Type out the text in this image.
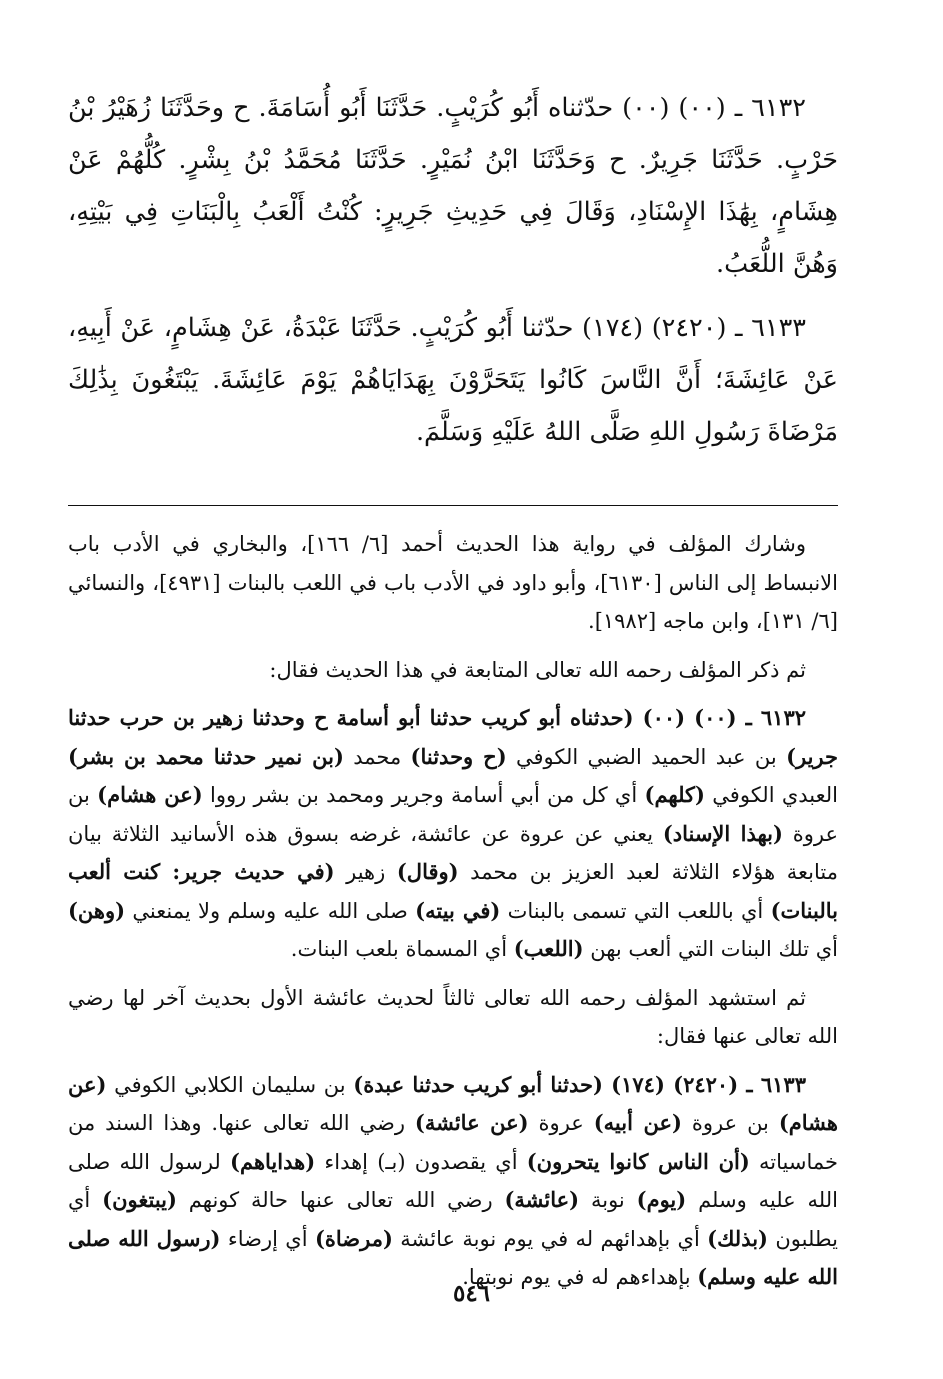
٦١٣٢ ـ (٠٠) (٠٠) حدّثناه أَبُو كُرَيْبٍ. حَدَّثَنَا أَبُو أُسَامَةَ. ح وحَدَّثَنَا زُهَيْرُ بْنُ حَرْبٍ. حَدَّثَنَا جَرِيرٌ. ح وَحَدَّثَنَا ابْنُ نُمَيْرٍ. حَدَّثَنَا مُحَمَّدُ بْنُ بِشْرٍ. كُلُّهُمْ عَنْ هِشَامٍ، بِهَٰذَا الإِسْنَادِ، وَقَالَ فِي حَدِيثِ جَرِيرٍ: كُنْتُ أَلْعَبُ بِالْبَنَاتِ فِي بَيْتِهِ، وَهُنَّ اللُّعَبُ.

٦١٣٣ ـ (٢٤٢٠) (١٧٤) حدّثنا أَبُو كُرَيْبٍ. حَدَّثَنَا عَبْدَةُ، عَنْ هِشَامٍ، عَنْ أَبِيهِ، عَنْ عَائِشَةَ؛ أَنَّ النَّاسَ كَانُوا يَتَحَرَّوْنَ بِهَدَايَاهُمْ يَوْمَ عَائِشَةَ. يَبْتَغُونَ بِذَٰلِكَ مَرْضَاةَ رَسُولِ اللهِ صَلَّى اللهُ عَلَيْهِ وَسَلَّمَ.

وشارك المؤلف في رواية هذا الحديث أحمد [٦/ ١٦٦]، والبخاري في الأدب باب الانبساط إلى الناس [٦١٣٠]، وأبو داود في الأدب باب في اللعب بالبنات [٤٩٣١]، والنسائي [٦/ ١٣١]، وابن ماجه [١٩٨٢].

ثم ذكر المؤلف رحمه الله تعالى المتابعة في هذا الحديث فقال:

٦١٣٢ ـ (٠٠) (٠٠) (حدثناه أبو كريب حدثنا أبو أسامة ح وحدثنا زهير بن حرب حدثنا جرير) بن عبد الحميد الضبي الكوفي (ح وحدثنا) محمد (بن نمير حدثنا محمد بن بشر) العبدي الكوفي (كلهم) أي كل من أبي أسامة وجرير ومحمد بن بشر رووا (عن هشام) بن عروة (بهذا الإسناد) يعني عن عروة عن عائشة، غرضه بسوق هذه الأسانيد الثلاثة بيان متابعة هؤلاء الثلاثة لعبد العزيز بن محمد (وقال) زهير (في حديث جرير: كنت ألعب بالبنات) أي باللعب التي تسمى بالبنات (في بيته) صلى الله عليه وسلم ولا يمنعني (وهن) أي تلك البنات التي ألعب بهن (اللعب) أي المسماة بلعب البنات.

ثم استشهد المؤلف رحمه الله تعالى ثالثاً لحديث عائشة الأول بحديث آخر لها رضي الله تعالى عنها فقال:

٦١٣٣ ـ (٢٤٢٠) (١٧٤) (حدثنا أبو كريب حدثنا عبدة) بن سليمان الكلابي الكوفي (عن هشام) بن عروة (عن أبيه) عروة (عن عائشة) رضي الله تعالى عنها. وهذا السند من خماسياته (أن الناس كانوا يتحرون) أي يقصدون (بـ) إهداء (هداياهم) لرسول الله صلى الله عليه وسلم (يوم) نوبة (عائشة) رضي الله تعالى عنها حالة كونهم (يبتغون) أي يطلبون (بذلك) أي بإهدائهم له في يوم نوبة عائشة (مرضاة) أي إرضاء (رسول الله صلى الله عليه وسلم) بإهداءهم له في يوم نوبتها.

٥٤٦
